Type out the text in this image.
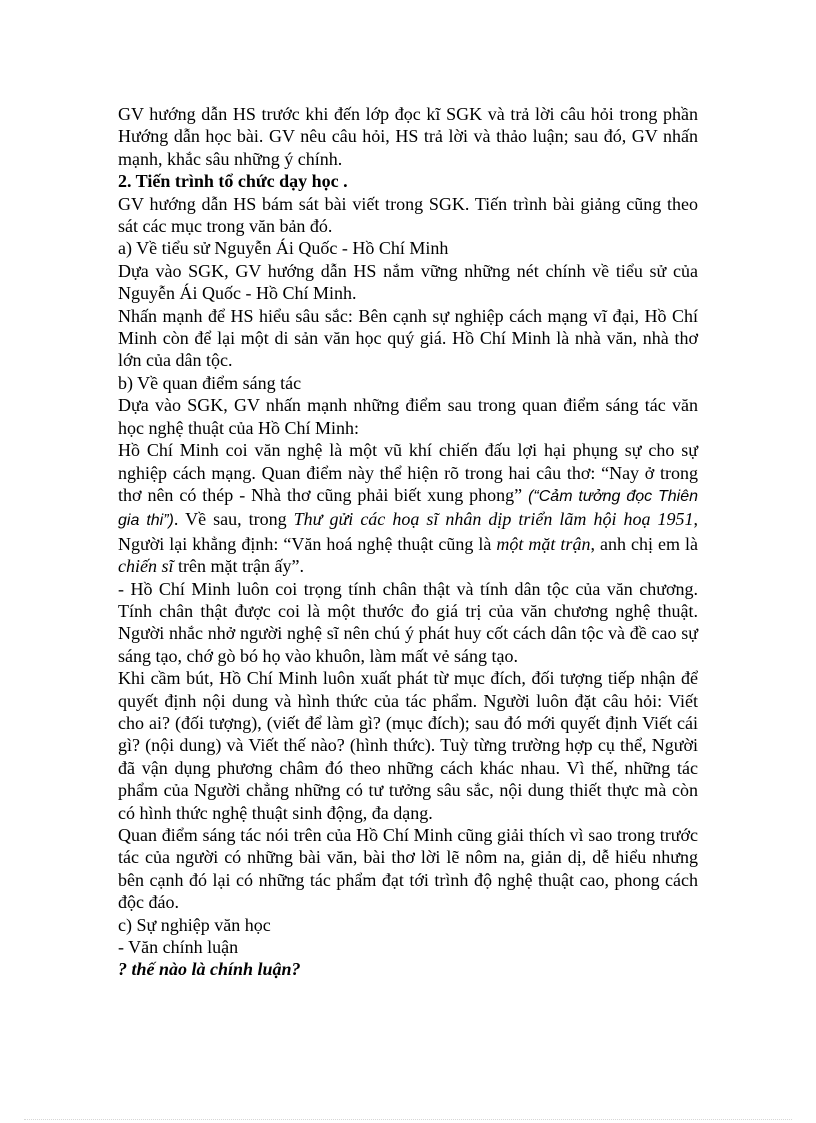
GV hướng dẫn HS trước khi đến lớp đọc kĩ SGK và trả lời câu hỏi trong phần Hướng dẫn học bài. GV nêu câu hỏi, HS trả lời và thảo luận; sau đó, GV nhấn mạnh, khắc sâu những ý chính.

2. Tiến trình tổ chức dạy học .

GV hướng dẫn HS bám sát bài viết trong SGK. Tiến trình bài giảng cũng theo sát các mục trong văn bản đó.

a) Về tiểu sử Nguyễn Ái Quốc - Hồ Chí Minh

Dựa vào SGK, GV hướng dẫn HS nắm vững những nét chính về tiểu sử của Nguyễn Ái Quốc - Hồ Chí Minh.

Nhấn mạnh để HS hiểu sâu sắc: Bên cạnh sự nghiệp cách mạng vĩ đại, Hồ Chí Minh còn để lại một di sản văn học quý giá. Hồ Chí Minh là nhà văn, nhà thơ lớn của dân tộc.

b) Về quan điểm sáng tác

Dựa vào SGK, GV nhấn mạnh những điểm sau trong quan điểm sáng tác văn học nghệ thuật của Hồ Chí Minh:

Hồ Chí Minh coi văn nghệ là một vũ khí chiến đấu lợi hại phụng sự cho sự nghiệp cách mạng. Quan điểm này thể hiện rõ trong hai câu thơ: “Nay ở trong thơ nên có thép - Nhà thơ cũng phải biết xung phong” (“Cảm tưởng đọc Thiên gia thi”). Về sau, trong Thư gửi các hoạ sĩ nhân dịp triển lãm hội hoạ 1951, Người lại khẳng định: “Văn hoá nghệ thuật cũng là một mặt trận, anh chị em là chiến sĩ trên mặt trận ấy”.

- Hồ Chí Minh luôn coi trọng tính chân thật và tính dân tộc của văn chương. Tính chân thật được coi là một thước đo giá trị của văn chương nghệ thuật. Người nhắc nhở người nghệ sĩ nên chú ý phát huy cốt cách dân tộc và đề cao sự sáng tạo, chớ gò bó họ vào khuôn, làm mất vẻ sáng tạo.

Khi cầm bút, Hồ Chí Minh luôn xuất phát từ mục đích, đối tượng tiếp nhận để quyết định nội dung và hình thức của tác phẩm. Người luôn đặt câu hỏi: Viết cho ai? (đối tượng), (viết để làm gì? (mục đích); sau đó mới quyết định Viết cái gì? (nội dung) và Viết thế nào? (hình thức). Tuỳ từng trường hợp cụ thể, Người đã vận dụng phương châm đó theo những cách khác nhau. Vì thế, những tác phẩm của Người chẳng những có tư tưởng sâu sắc, nội dung thiết thực mà còn có hình thức nghệ thuật sinh động, đa dạng.

Quan điểm sáng tác nói trên của Hồ Chí Minh cũng giải thích vì sao trong trước tác của người có những bài văn, bài thơ lời lẽ nôm na, giản dị, dễ hiểu nhưng bên cạnh đó lại có những tác phẩm đạt tới trình độ nghệ thuật cao, phong cách độc đáo.

c) Sự nghiệp văn học

- Văn chính luận

? thế nào là chính luận?
